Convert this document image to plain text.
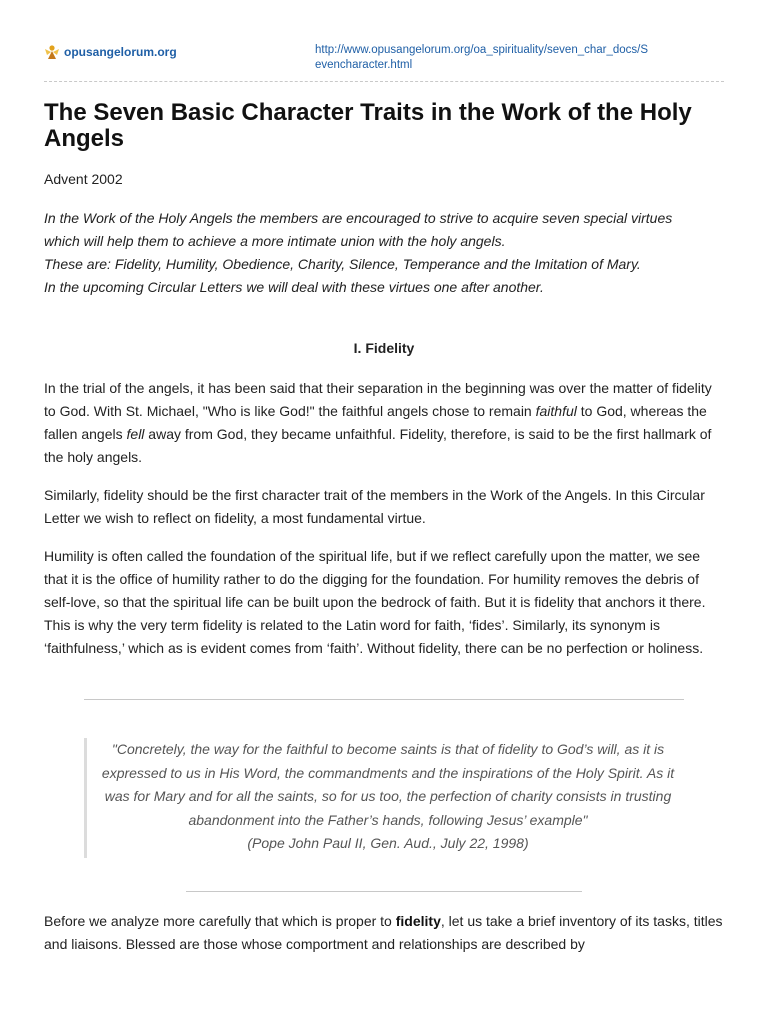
opusangelorum.org	http://www.opusangelorum.org/oa_spirituality/seven_char_docs/S
evencharacter.html
The Seven Basic Character Traits in the Work of the Holy Angels

Advent 2002

In the Work of the Holy Angels the members are encouraged to strive to acquire seven special virtues
which will help them to achieve a more intimate union with the holy angels.
These are: Fidelity, Humility, Obedience, Charity, Silence, Temperance and the Imitation of Mary.
In the upcoming Circular Letters we will deal with these virtues one after another.
I. Fidelity

In the trial of the angels, it has been said that their separation in the beginning was over the matter of fidelity to God. With St. Michael, "Who is like God!" the faithful angels chose to remain faithful to God, whereas the fallen angels fell away from God, they became unfaithful. Fidelity, therefore, is said to be the first hallmark of the holy angels.

Similarly, fidelity should be the first character trait of the members in the Work of the Angels. In this Circular Letter we wish to reflect on fidelity, a most fundamental virtue.

Humility is often called the foundation of the spiritual life, but if we reflect carefully upon the matter, we see that it is the office of humility rather to do the digging for the foundation. For humility removes the debris of self-love, so that the spiritual life can be built upon the bedrock of faith. But it is fidelity that anchors it there. This is why the very term fidelity is related to the Latin word for faith, ‘fides’. Similarly, its synonym is ‘faithfulness,’ which as is evident comes from ‘faith’. Without fidelity, there can be no perfection or holiness.

"Concretely, the way for the faithful to become saints is that of fidelity to God’s will, as it is expressed to us in His Word, the commandments and the inspirations of the Holy Spirit. As it was for Mary and for all the saints, so for us too, the perfection of charity consists in trusting abandonment into the Father’s hands, following Jesus’ example"
(Pope John Paul II, Gen. Aud., July 22, 1998)

Before we analyze more carefully that which is proper to fidelity, let us take a brief inventory of its tasks, titles and liaisons. Blessed are those whose comportment and relationships are described by
